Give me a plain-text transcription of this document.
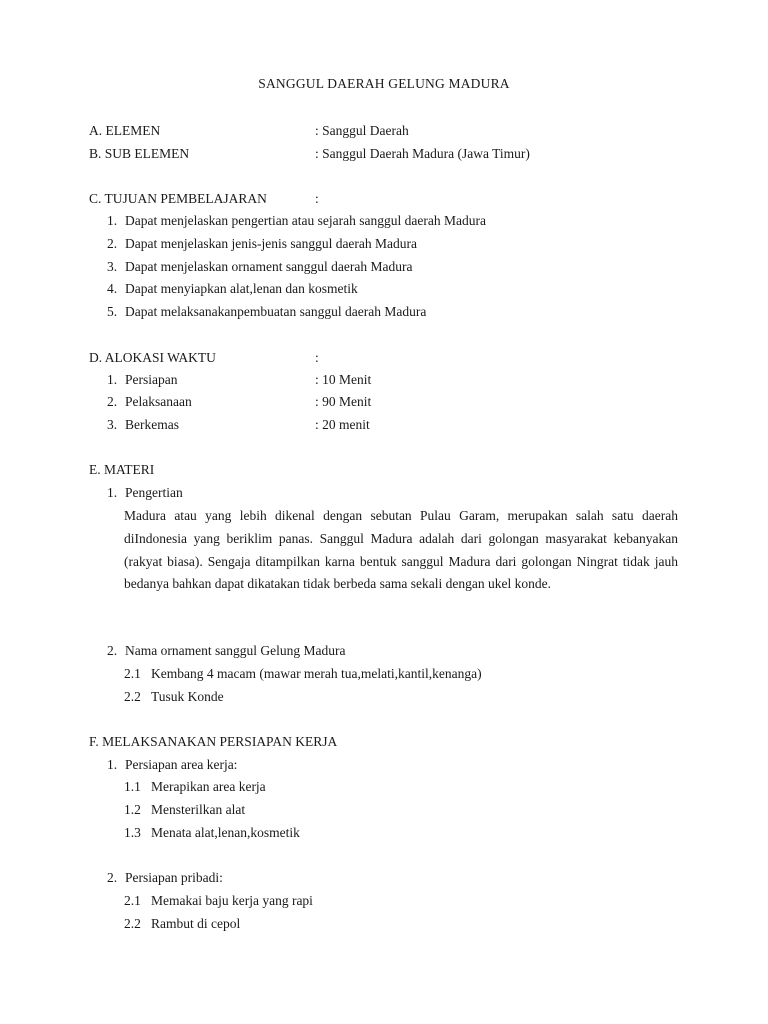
SANGGUL DAERAH GELUNG MADURA
A. ELEMEN	: Sanggul Daerah
B. SUB ELEMEN	: Sanggul Daerah Madura (Jawa Timur)
C. TUJUAN PEMBELAJARAN	:
1. Dapat menjelaskan pengertian atau sejarah sanggul daerah Madura
2. Dapat menjelaskan jenis-jenis sanggul daerah Madura
3. Dapat menjelaskan ornament sanggul daerah Madura
4. Dapat menyiapkan alat,lenan dan kosmetik
5. Dapat melaksanakanpembuatan sanggul daerah Madura
D. ALOKASI WAKTU	:
1. Persiapan	: 10 Menit
2. Pelaksanaan	: 90 Menit
3. Berkemas	: 20 menit
E. MATERI
1. Pengertian
Madura atau yang lebih dikenal dengan sebutan Pulau Garam, merupakan salah satu daerah diIndonesia yang beriklim panas. Sanggul Madura adalah dari golongan masyarakat kebanyakan (rakyat biasa). Sengaja ditampilkan karna bentuk sanggul Madura dari golongan Ningrat tidak jauh bedanya bahkan dapat dikatakan tidak berbeda sama sekali dengan ukel konde.
2. Nama ornament sanggul Gelung Madura
2.1 Kembang 4 macam (mawar merah tua,melati,kantil,kenanga)
2.2 Tusuk Konde
F. MELAKSANAKAN PERSIAPAN KERJA
1. Persiapan area kerja:
1.1 Merapikan area kerja
1.2 Mensterilkan alat
1.3 Menata alat,lenan,kosmetik
2. Persiapan pribadi:
2.1 Memakai baju kerja yang rapi
2.2 Rambut di cepol
